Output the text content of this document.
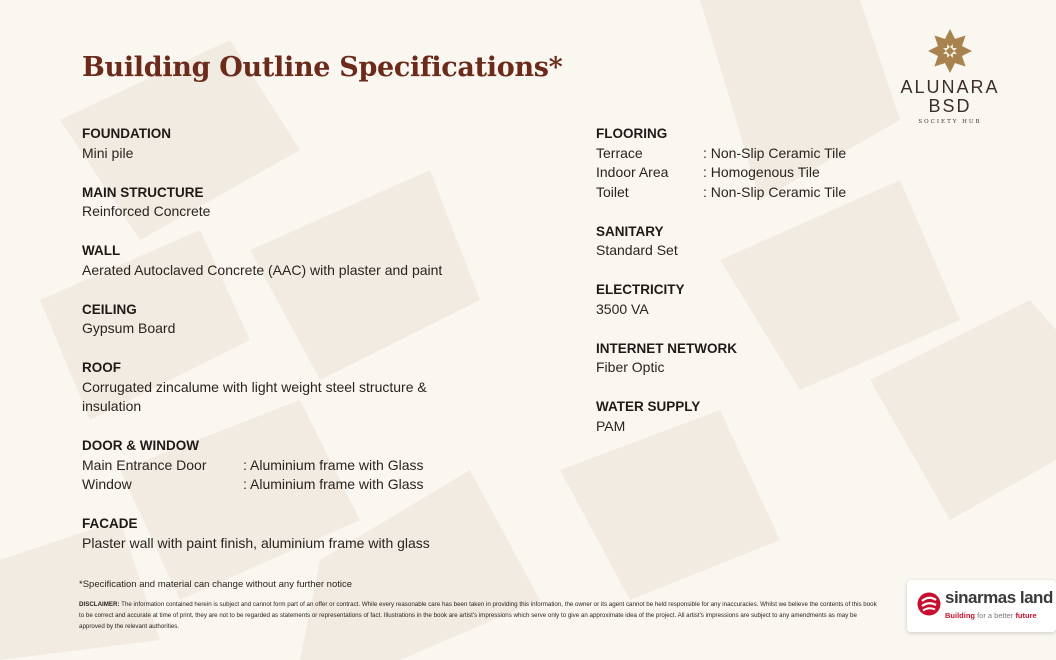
Building Outline Specifications*
ALUNARA
BSD
SOCIETY HUB
FOUNDATION
Mini pile
MAIN STRUCTURE
Reinforced Concrete
WALL
Aerated Autoclaved Concrete (AAC) with plaster and paint
CEILING
Gypsum Board
ROOF
Corrugated zincalume with light weight steel structure & insulation
DOOR & WINDOW
Main Entrance Door	: Aluminium frame with Glass
Window	: Aluminium frame with Glass
FACADE
Plaster wall with paint finish, aluminium frame with glass
FLOORING
Terrace	: Non-Slip Ceramic Tile
Indoor Area	: Homogenous Tile
Toilet	: Non-Slip Ceramic Tile
SANITARY
Standard Set
ELECTRICITY
3500 VA
INTERNET NETWORK
Fiber Optic
WATER SUPPLY
PAM
*Specification and material can change without any further notice
DISCLAIMER: The information contained herein is subject and cannot form part of an offer or contract. While every reasonable care has been taken in providing this information, the owner or its agent cannot be held responsible for any inaccuracies. Whilst we believe the contents of this book to be correct and accurate at time of print, they are not to be regarded as statements or representations of fact. Illustrations in the book are artist's impressions which serve only to give an approximate idea of the project. All artist's impressions are subject to any amendments as may be approved by the relevant authorities.
sinarmas land
Building for a better future
